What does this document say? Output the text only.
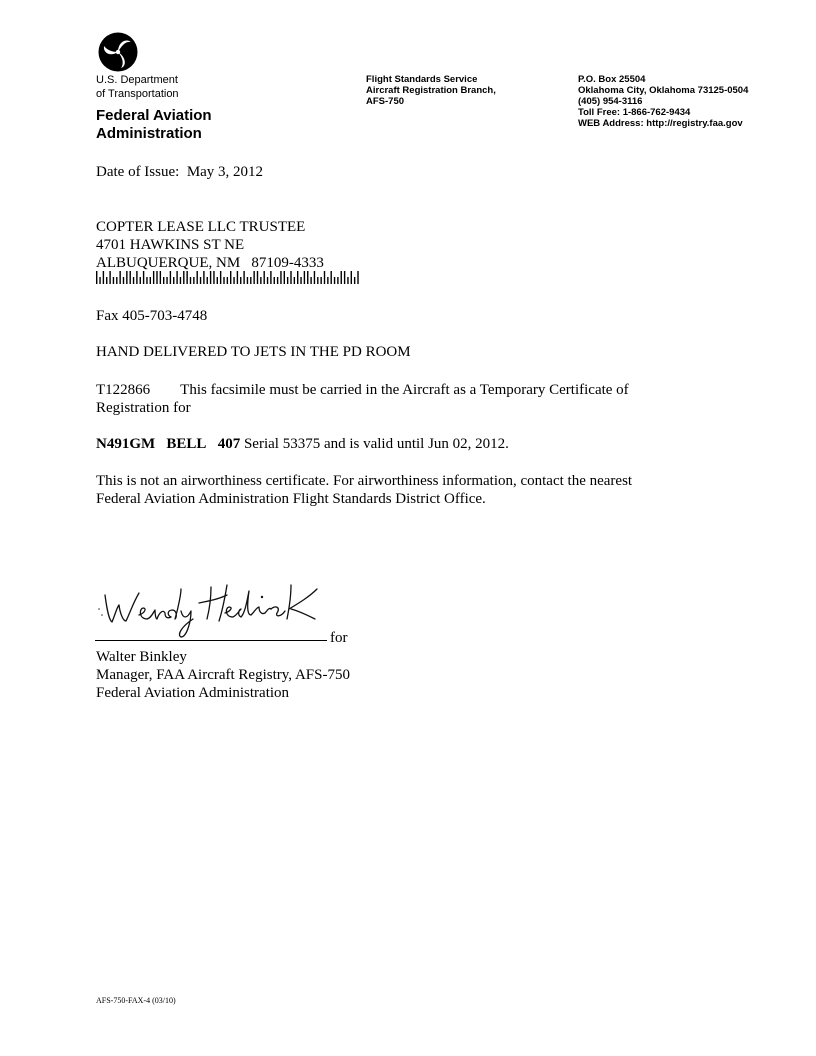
U.S. Department
of Transportation
Federal Aviation
Administration
Flight Standards Service
Aircraft Registration Branch,
AFS-750
P.O. Box 25504
Oklahoma City, Oklahoma 73125-0504
(405) 954-3116
Toll Free: 1-866-762-9434
WEB Address: http://registry.faa.gov
Date of Issue: May 3, 2012
COPTER LEASE LLC TRUSTEE
4701 HAWKINS ST NE
ALBUQUERQUE, NM 87109-4333
Fax 405-703-4748
HAND DELIVERED TO JETS IN THE PD ROOM
T122866 This facsimile must be carried in the Aircraft as a Temporary Certificate of
Registration for
N491GM BELL 407 Serial 53375 and is valid until Jun 02, 2012.
This is not an airworthiness certificate. For airworthiness information, contact the nearest
Federal Aviation Administration Flight Standards District Office.
for
Walter Binkley
Manager, FAA Aircraft Registry, AFS-750
Federal Aviation Administration
AFS-750-FAX-4 (03/10)
